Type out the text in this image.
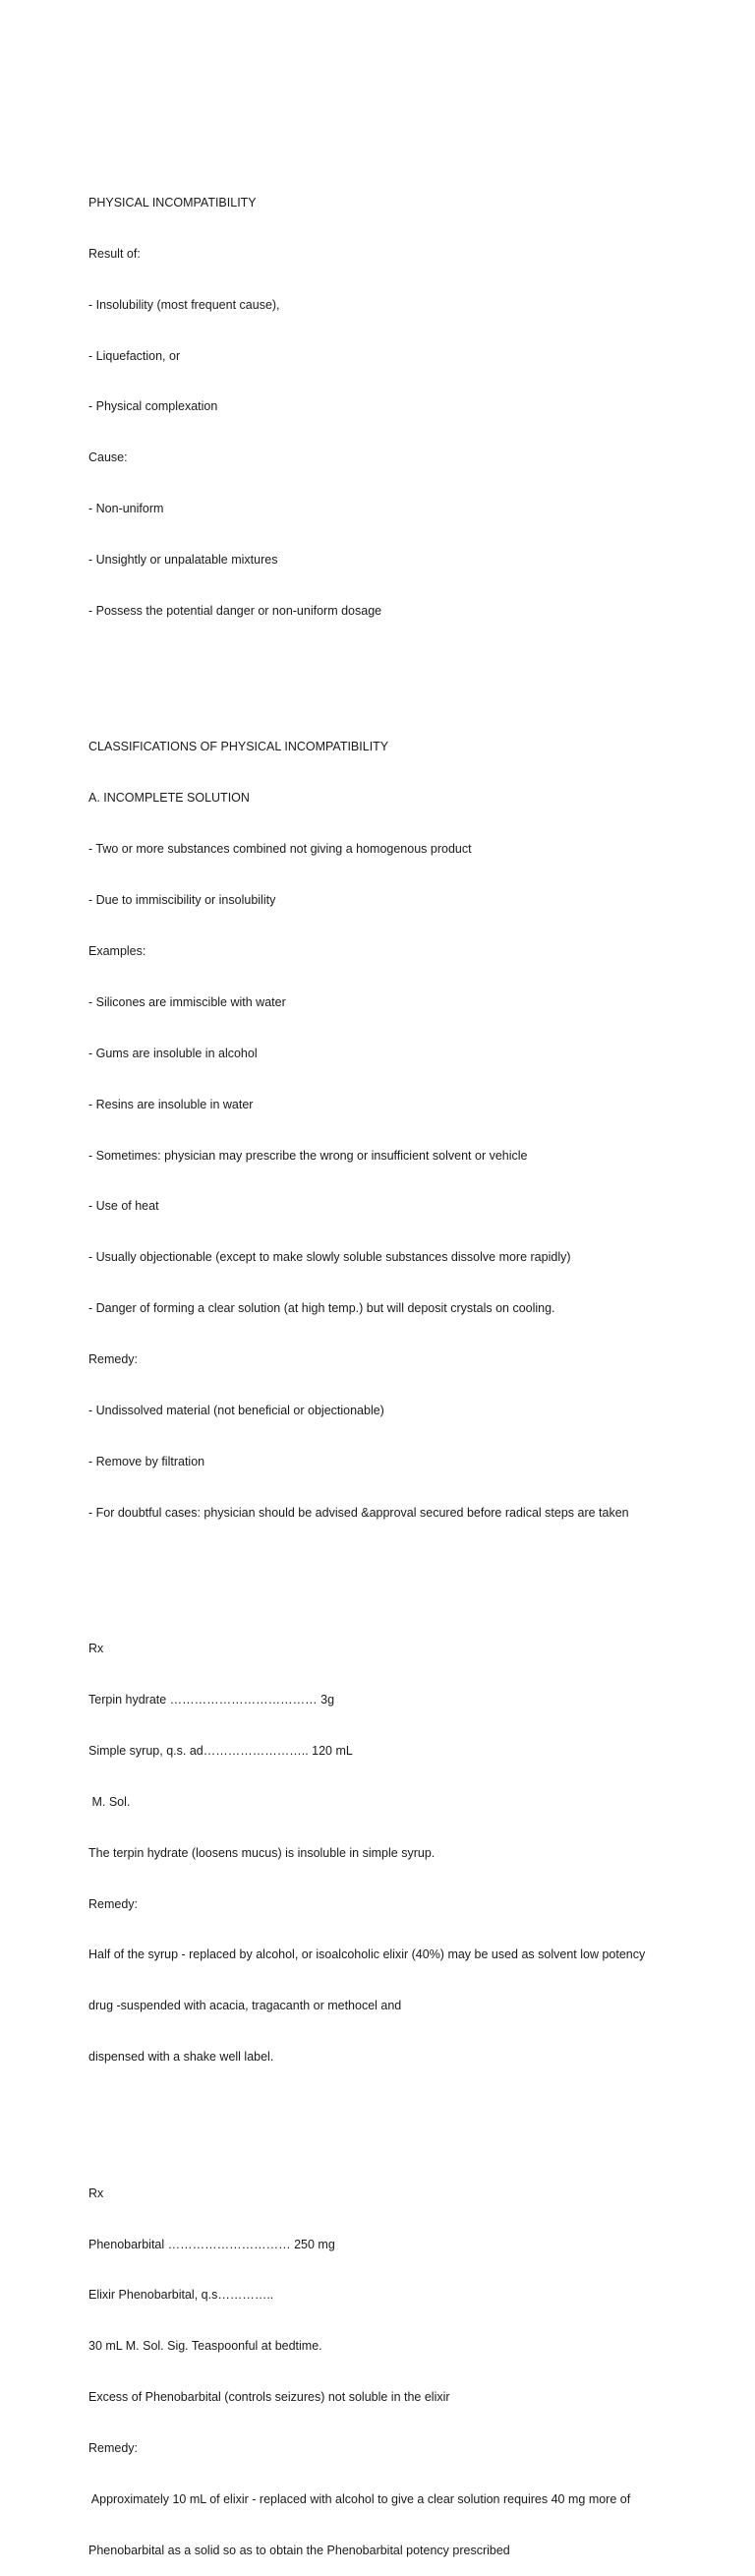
PHYSICAL INCOMPATIBILITY

Result of:

- Insolubility (most frequent cause),

- Liquefaction, or

- Physical complexation

Cause:

- Non-uniform

- Unsightly or unpalatable mixtures

- Possess the potential danger or non-uniform dosage

CLASSIFICATIONS OF PHYSICAL INCOMPATIBILITY

A. INCOMPLETE SOLUTION

- Two or more substances combined not giving a homogenous product

- Due to immiscibility or insolubility

Examples:

- Silicones are immiscible with water

- Gums are insoluble in alcohol

- Resins are insoluble in water

- Sometimes: physician may prescribe the wrong or insufficient solvent or vehicle

- Use of heat

- Usually objectionable (except to make slowly soluble substances dissolve more rapidly)

- Danger of forming a clear solution (at high temp.) but will deposit crystals on cooling.

Remedy:

- Undissolved material (not beneficial or objectionable)

- Remove by filtration

- For doubtful cases: physician should be advised &approval secured before radical steps are taken

Rx

Terpin hydrate ……………………………… 3g

Simple syrup, q.s. ad…………………….. 120 mL

M. Sol.

The terpin hydrate (loosens mucus) is insoluble in simple syrup.

Remedy:

Half of the syrup - replaced by alcohol, or isoalcoholic elixir (40%) may be used as solvent low potency

drug -suspended with acacia, tragacanth or methocel and

dispensed with a shake well label.

Rx

Phenobarbital ………………………… 250 mg

Elixir Phenobarbital, q.s…………..

30 mL M. Sol. Sig. Teaspoonful at bedtime.

Excess of Phenobarbital (controls seizures) not soluble in the elixir

Remedy:

Approximately 10 mL of elixir - replaced with alcohol to give a clear solution requires 40 mg more of

Phenobarbital as a solid so as to obtain the Phenobarbital potency prescribed
